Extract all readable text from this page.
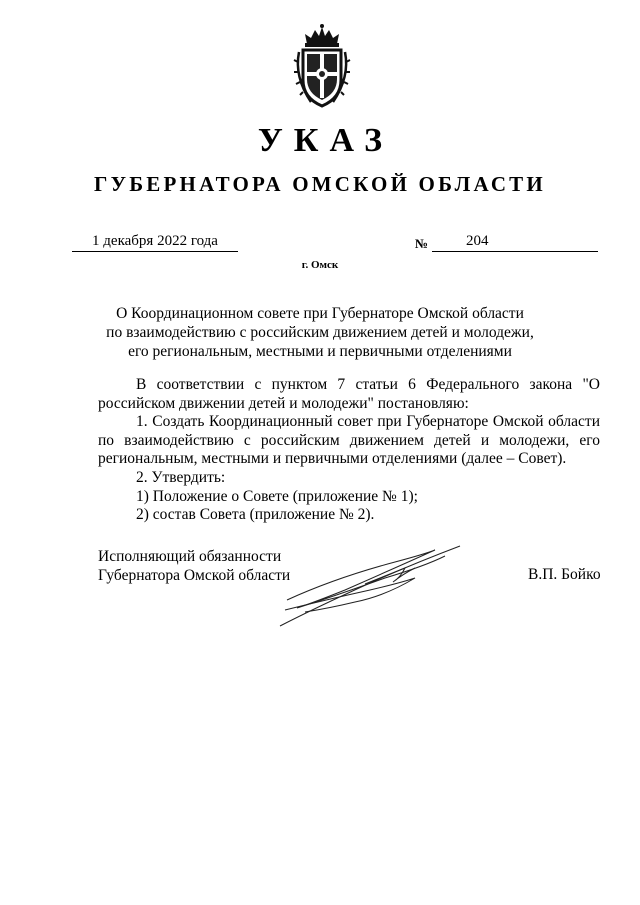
УКАЗ
ГУБЕРНАТОРА ОМСКОЙ ОБЛАСТИ
1 декабря 2022 года	№	204
г. Омск
О Координационном совете при Губернаторе Омской области
по взаимодействию с российским движением детей и молодежи,
его региональным, местными и первичными отделениями
В соответствии с пунктом 7 статьи 6 Федерального закона "О российском движении детей и молодежи" постановляю:
1. Создать Координационный совет при Губернаторе Омской области по взаимодействию с российским движением детей и молодежи, его региональным, местными и первичными отделениями (далее – Совет).
2. Утвердить:
1) Положение о Совете (приложение № 1);
2) состав Совета (приложение № 2).
Исполняющий обязанности
Губернатора Омской области	В.П. Бойко
